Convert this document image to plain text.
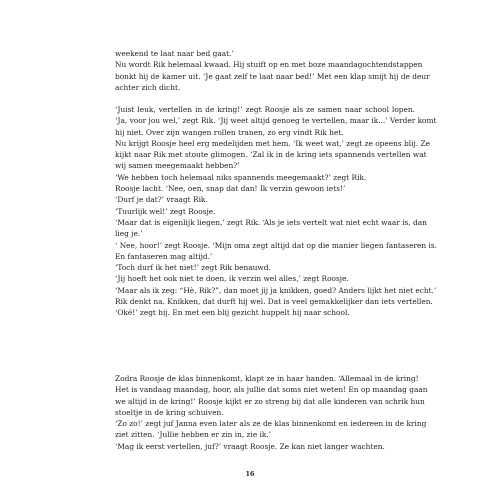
weekend te laat naar bed gaat.’
Nu wordt Rik helemaal kwaad. Hij stuift op en met boze maandagochtendstappen
bonkt hij de kamer uit. ‘Je gaat zelf te laat naar bed!’ Met een klap smijt hij de deur
achter zich dicht.
‘Juist leuk, vertellen in de kring!’ zegt Roosje als ze samen naar school lopen.
‘Ja, voor jou wel,’ zegt Rik. ‘Jij weet altijd genoeg te vertellen, maar ik...’ Verder komt
hij niet. Over zijn wangen rollen tranen, zo erg vindt Rik het.
Nu krijgt Roosje heel erg medelijden met hem. ‘Ik weet wat,’ zegt ze opeens blij. Ze
kijkt naar Rik met stoute glimogen. ‘Zal ik in de kring iets spannends vertellen wat
wij samen meegemaakt hebben?’
‘We hebben toch helemaal niks spannends meegemaakt?’ zegt Rik.
Roosje lacht. ‘Nee, oen, snap dat dan! Ik verzin gewoon iets!’
‘Durf je dat?’ vraagt Rik.
‘Tuurlijk wel!’ zegt Roosje.
‘Maar dat is eigenlijk liegen,’ zegt Rik. ‘Als je iets vertelt wat niet echt waar is, dan
lieg je.’
‘ Nee, hoor!’ zegt Roosje. ‘Mijn oma zegt altijd dat op die manier liegen fantaseren is.
En fantaseren mag altijd.’
‘Toch durf ik het niet!’ zegt Rik benauwd.
‘Jij hoeft het ook niet te doen, ik verzin wel alles,’ zegt Roosje.
‘Maar als ik zeg: “Hè, Rik?”, dan moet jij ja knikken, goed? Anders lijkt het niet echt.’
Rik denkt na. Knikken, dat durft hij wel. Dat is veel gemakkelijker dan iets vertellen.
‘Oké!’ zegt hij. En met een blij gezicht huppelt hij naar school.
Zodra Roosje de klas binnenkomt, klapt ze in haar handen. ‘Allemaal in de kring!
Het is vandaag maandag, hoor, als jullie dat soms niet weten! En op maandag gaan
we altijd in de kring!’ Roosje kijkt er zo streng bij dat alle kinderen van schrik hun
stoeltje in de kring schuiven.
‘Zo zo!’ zegt juf Janna even later als ze de klas binnenkomt en iedereen in de kring
ziet zitten. ‘Jullie hebben er zin in, zie ik.’
‘Mag ik eerst vertellen, juf?’ vraagt Roosje. Ze kan niet langer wachten.
16
